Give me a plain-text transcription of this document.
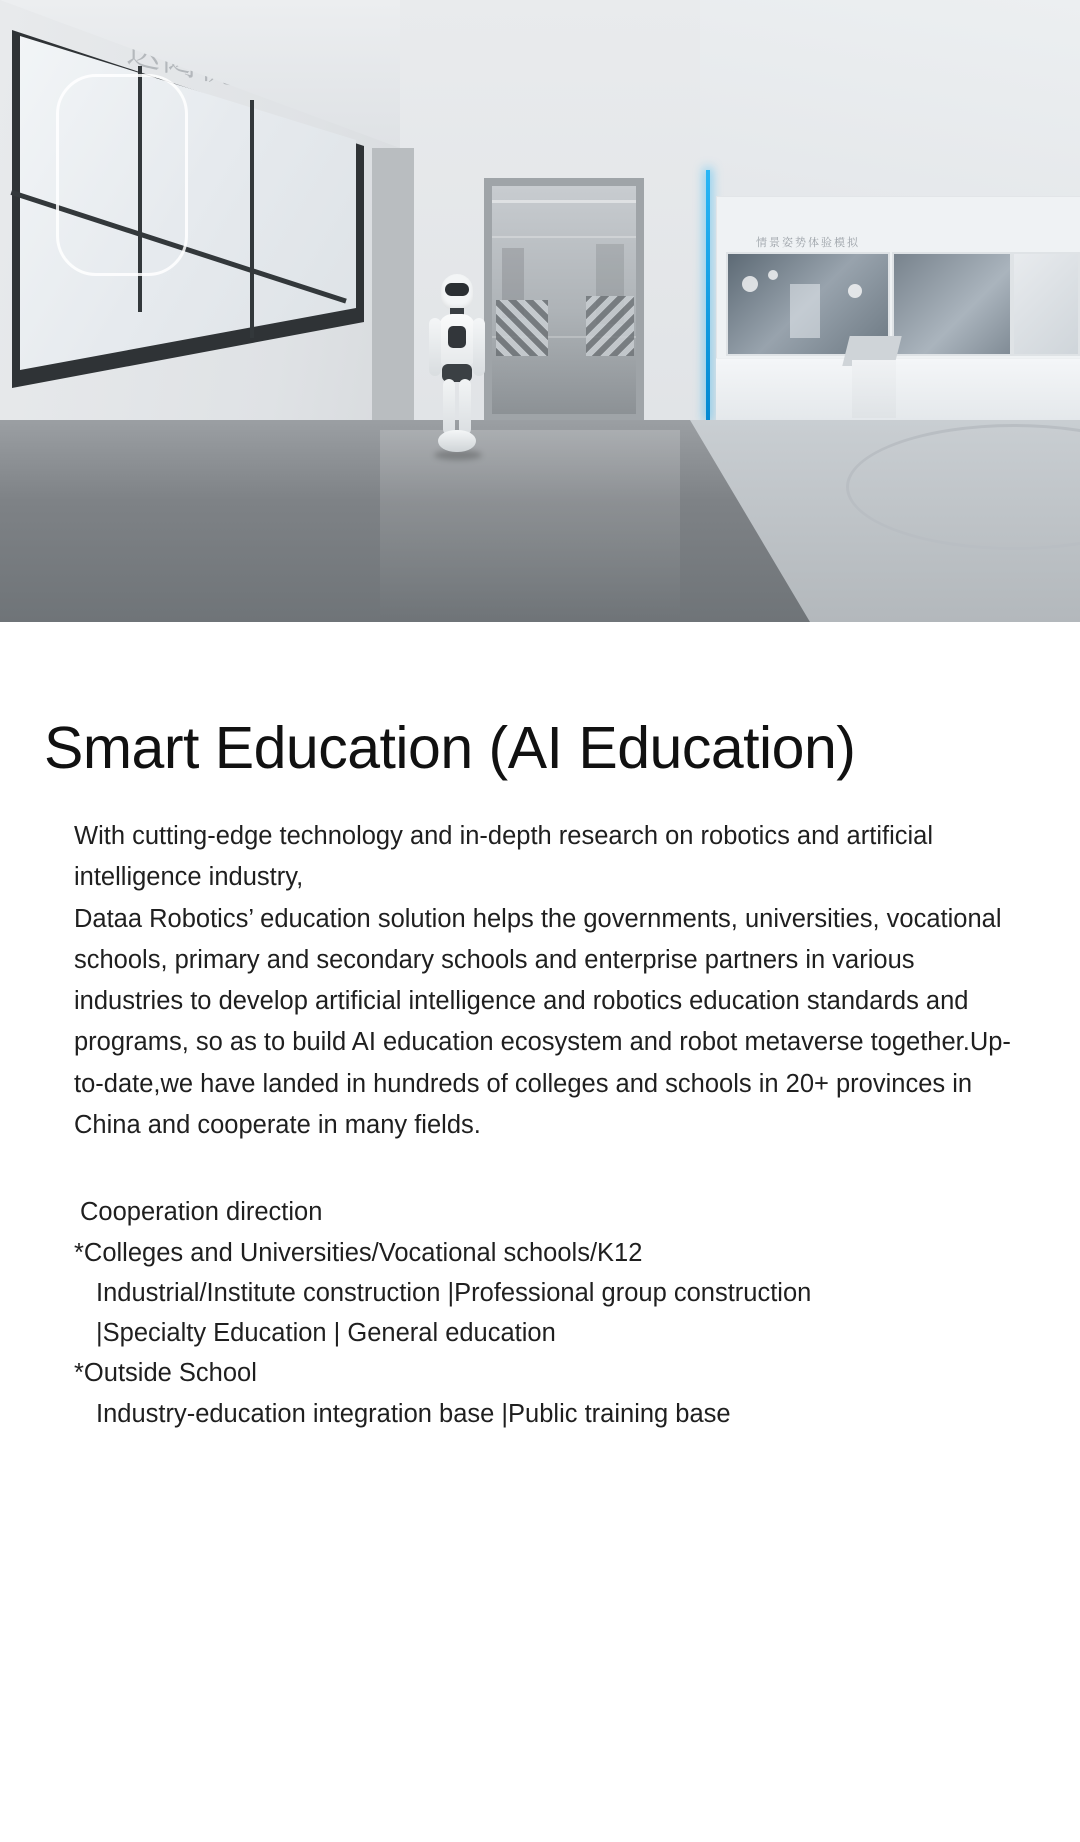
情景姿势体验模拟
Smart Education (AI Education)

With cutting-edge technology and in-depth research on robotics and artificial intelligence industry,

Dataa Robotics’ education solution helps the governments, universities, vocational schools, primary and secondary schools and enterprise partners in various industries to develop artificial intelligence and robotics education standards and programs, so as to build AI education ecosystem and robot metaverse together.Up-to-date,we have landed in hundreds of colleges and schools in 20+ provinces in China and cooperate in many fields.

Cooperation direction
*Colleges and Universities/Vocational schools/K12
Industrial/Institute construction |Professional group construction
|Specialty Education | General education
*Outside School
Industry-education integration base |Public training base
